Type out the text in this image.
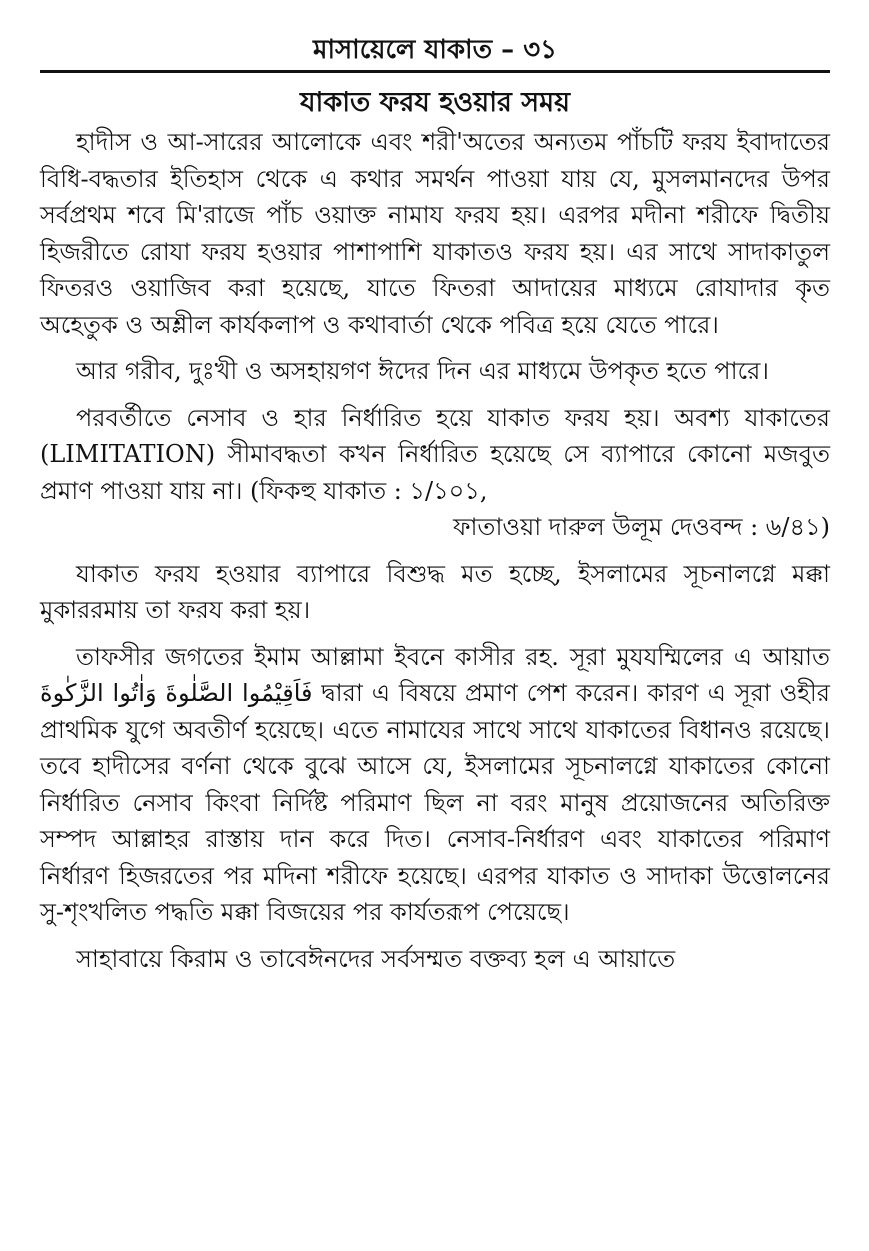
মাসায়েলে যাকাত – ৩১
যাকাত ফরয হওয়ার সময়

হাদীস ও আ-সারের আলোকে এবং শরী'অতের অন্যতম পাঁচটি ফরয ইবাদাতের বিধি-বদ্ধতার ইতিহাস থেকে এ কথার সমর্থন পাওয়া যায় যে, মুসলমানদের উপর সর্বপ্রথম শবে মি'রাজে পাঁচ ওয়াক্ত নামায ফরয হয়। এরপর মদীনা শরীফে দ্বিতীয় হিজরীতে রোযা ফরয হওয়ার পাশাপাশি যাকাতও ফরয হয়। এর সাথে সাদাকাতুল ফিতরও ওয়াজিব করা হয়েছে, যাতে ফিতরা আদায়ের মাধ্যমে রোযাদার কৃত অহেতুক ও অশ্লীল কার্যকলাপ ও কথাবার্তা থেকে পবিত্র হয়ে যেতে পারে।

আর গরীব, দুঃখী ও অসহায়গণ ঈদের দিন এর মাধ্যমে উপকৃত হতে পারে।

পরবর্তীতে নেসাব ও হার নির্ধারিত হয়ে যাকাত ফরয হয়। অবশ্য যাকাতের (LIMITATION) সীমাবদ্ধতা কখন নির্ধারিত হয়েছে সে ব্যাপারে কোনো মজবুত প্রমাণ পাওয়া যায় না। (ফিকহু যাকাত : ১/১০১,
ফাতাওয়া দারুল উলূম দেওবন্দ : ৬/৪১)

যাকাত ফরয হওয়ার ব্যাপারে বিশুদ্ধ মত হচ্ছে, ইসলামের সূচনালগ্নে মক্কা মুকাররমায় তা ফরয করা হয়।

তাফসীর জগতের ইমাম আল্লামা ইবনে কাসীর রহ. সূরা মুযযম্মিলের এ আয়াত فَاَقِيْمُوا الصَّلٰوةَ وَاٰتُوا الزَّكٰوةَ দ্বারা এ বিষয়ে প্রমাণ পেশ করেন। কারণ এ সূরা ওহীর প্রাথমিক যুগে অবতীর্ণ হয়েছে। এতে নামাযের সাথে সাথে যাকাতের বিধানও রয়েছে। তবে হাদীসের বর্ণনা থেকে বুঝে আসে যে, ইসলামের সূচনালগ্নে যাকাতের কোনো নির্ধারিত নেসাব কিংবা নির্দিষ্ট পরিমাণ ছিল না বরং মানুষ প্রয়োজনের অতিরিক্ত সম্পদ আল্লাহর রাস্তায় দান করে দিত। নেসাব-নির্ধারণ এবং যাকাতের পরিমাণ নির্ধারণ হিজরতের পর মদিনা শরীফে হয়েছে। এরপর যাকাত ও সাদাকা উত্তোলনের সু-শৃংখলিত পদ্ধতি মক্কা বিজয়ের পর কার্যতরূপ পেয়েছে।

সাহাবায়ে কিরাম ও তাবেঈনদের সর্বসম্মত বক্তব্য হল এ আয়াতে
